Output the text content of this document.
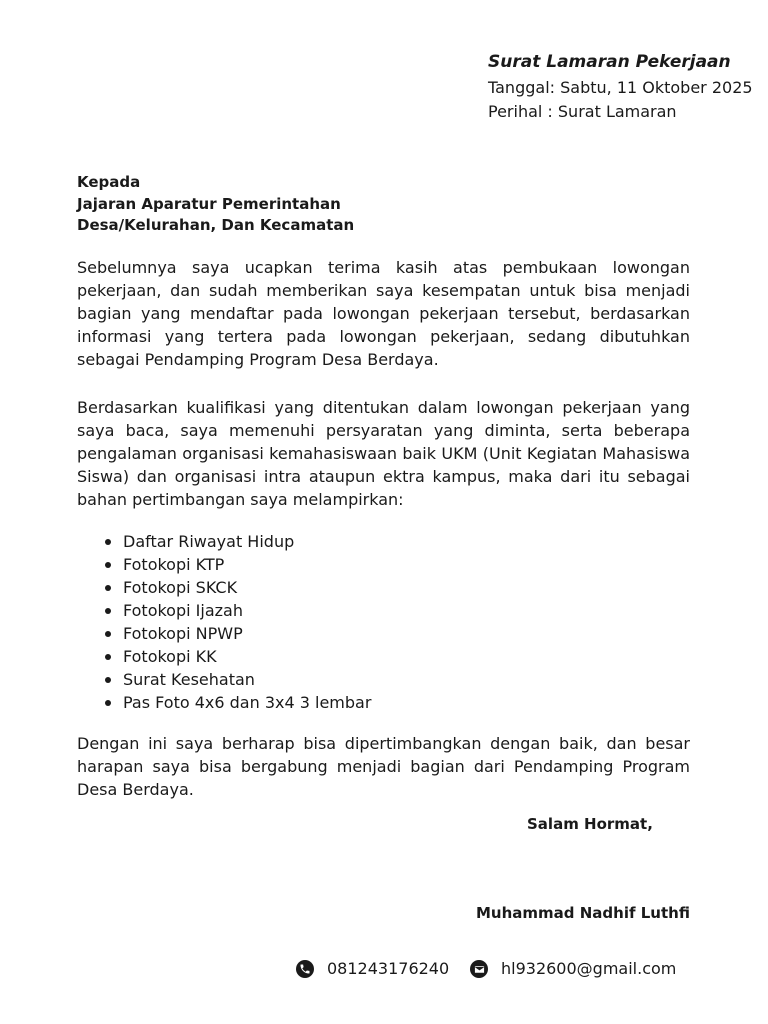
Surat Lamaran Pekerjaan
Tanggal: Sabtu, 11 Oktober 2025
Perihal : Surat Lamaran
Kepada
Jajaran Aparatur Pemerintahan
Desa/Kelurahan, Dan Kecamatan

Sebelumnya saya ucapkan terima kasih atas pembukaan lowongan pekerjaan, dan sudah memberikan saya kesempatan untuk bisa menjadi bagian yang mendaftar pada lowongan pekerjaan tersebut, berdasarkan informasi yang tertera pada lowongan pekerjaan, sedang dibutuhkan sebagai Pendamping Program Desa Berdaya.

Berdasarkan kualifikasi yang ditentukan dalam lowongan pekerjaan yang saya baca, saya memenuhi persyaratan yang diminta, serta beberapa pengalaman organisasi kemahasiswaan baik UKM (Unit Kegiatan Mahasiswa Siswa) dan organisasi intra ataupun ektra kampus, maka dari itu sebagai bahan pertimbangan saya melampirkan:

Daftar Riwayat Hidup
Fotokopi KTP
Fotokopi SKCK
Fotokopi Ijazah
Fotokopi NPWP
Fotokopi KK
Surat Kesehatan
Pas Foto 4x6 dan 3x4 3 lembar

Dengan ini saya berharap bisa dipertimbangkan dengan baik, dan besar harapan saya bisa bergabung menjadi bagian dari Pendamping Program Desa Berdaya.

Salam Hormat,
Muhammad Nadhif Luthfi
081243176240	hl932600@gmail.com
